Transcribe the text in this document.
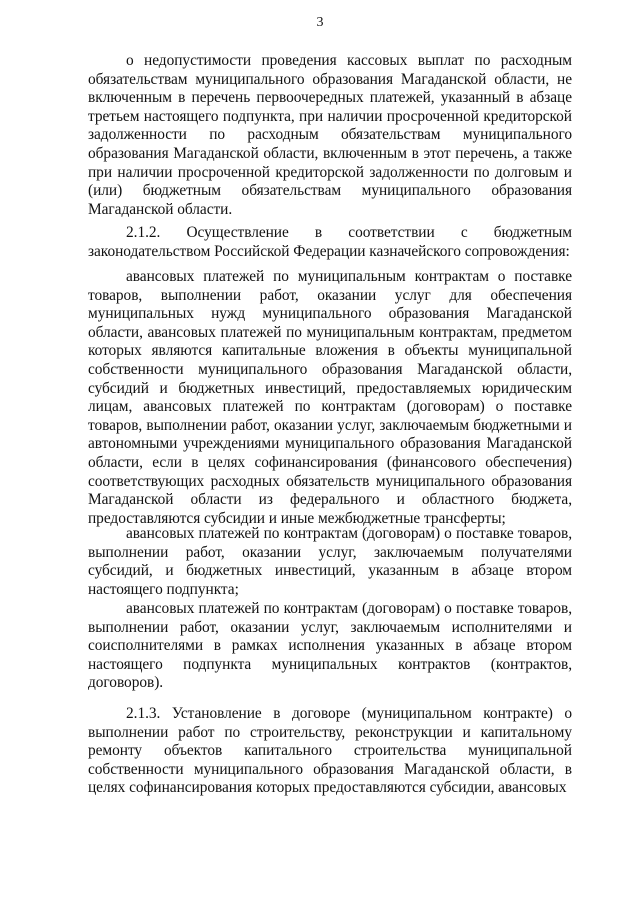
3

о недопустимости проведения кассовых выплат по расходным обязательствам муниципального образования Магаданской области, не включенным в перечень первоочередных платежей, указанный в абзаце третьем настоящего подпункта, при наличии просроченной кредиторской задолженности по расходным обязательствам муниципального образования Магаданской области, включенным в этот перечень, а также при наличии просроченной кредиторской задолженности по долговым и (или) бюджетным обязательствам муниципального образования Магаданской области.

2.1.2. Осуществление в соответствии с бюджетным законодательством Российской Федерации казначейского сопровождения:

авансовых платежей по муниципальным контрактам о поставке товаров, выполнении работ, оказании услуг для обеспечения муниципальных нужд муниципального образования Магаданской области, авансовых платежей по муниципальным контрактам, предметом которых являются капитальные вложения в объекты муниципальной собственности муниципального образования Магаданской области, субсидий и бюджетных инвестиций, предоставляемых юридическим лицам, авансовых платежей по контрактам (договорам) о поставке товаров, выполнении работ, оказании услуг, заключаемым бюджетными и автономными учреждениями муниципального образования Магаданской области, если в целях софинансирования (финансового обеспечения) соответствующих расходных обязательств муниципального образования Магаданской области из федерального и областного бюджета, предоставляются субсидии и иные межбюджетные трансферты;

авансовых платежей по контрактам (договорам) о поставке товаров, выполнении работ, оказании услуг, заключаемым получателями субсидий, и бюджетных инвестиций, указанным в абзаце втором настоящего подпункта;

авансовых платежей по контрактам (договорам) о поставке товаров, выполнении работ, оказании услуг, заключаемым исполнителями и соисполнителями в рамках исполнения указанных в абзаце втором настоящего подпункта муниципальных контрактов (контрактов, договоров).

2.1.3. Установление в договоре (муниципальном контракте) о выполнении работ по строительству, реконструкции и капитальному ремонту объектов капитального строительства муниципальной собственности муниципального образования Магаданской области, в целях софинансирования которых предоставляются субсидии, авансовых
